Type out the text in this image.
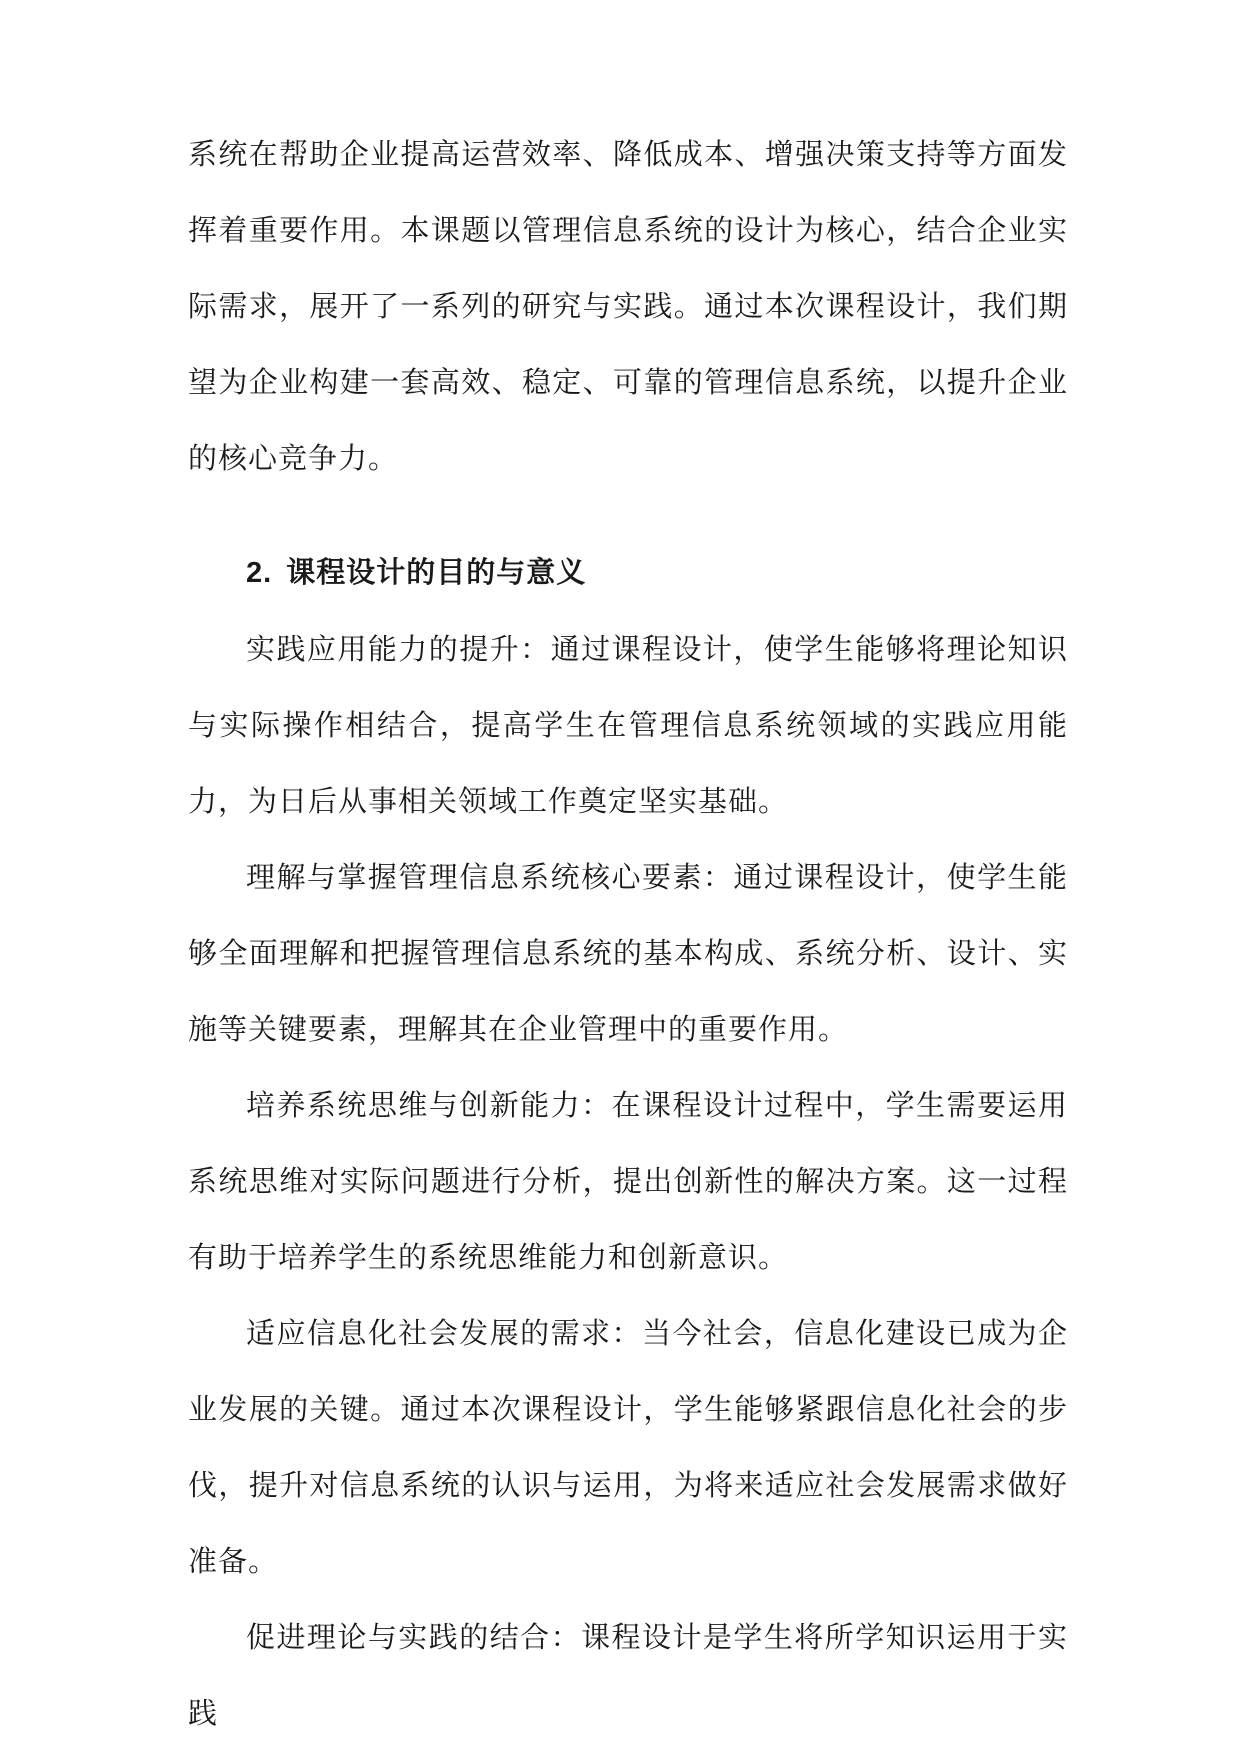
系统在帮助企业提高运营效率、降低成本、增强决策支持等方面发挥着重要作用。本课题以管理信息系统的设计为核心，结合企业实际需求，展开了一系列的研究与实践。通过本次课程设计，我们期望为企业构建一套高效、稳定、可靠的管理信息系统，以提升企业的核心竞争力。

2. 课程设计的目的与意义

实践应用能力的提升：通过课程设计，使学生能够将理论知识与实际操作相结合，提高学生在管理信息系统领域的实践应用能力，为日后从事相关领域工作奠定坚实基础。

理解与掌握管理信息系统核心要素：通过课程设计，使学生能够全面理解和把握管理信息系统的基本构成、系统分析、设计、实施等关键要素，理解其在企业管理中的重要作用。

培养系统思维与创新能力：在课程设计过程中，学生需要运用系统思维对实际问题进行分析，提出创新性的解决方案。这一过程有助于培养学生的系统思维能力和创新意识。

适应信息化社会发展的需求：当今社会，信息化建设已成为企业发展的关键。通过本次课程设计，学生能够紧跟信息化社会的步伐，提升对信息系统的认识与运用，为将来适应社会发展需求做好准备。

促进理论与实践的结合：课程设计是学生将所学知识运用于实践
